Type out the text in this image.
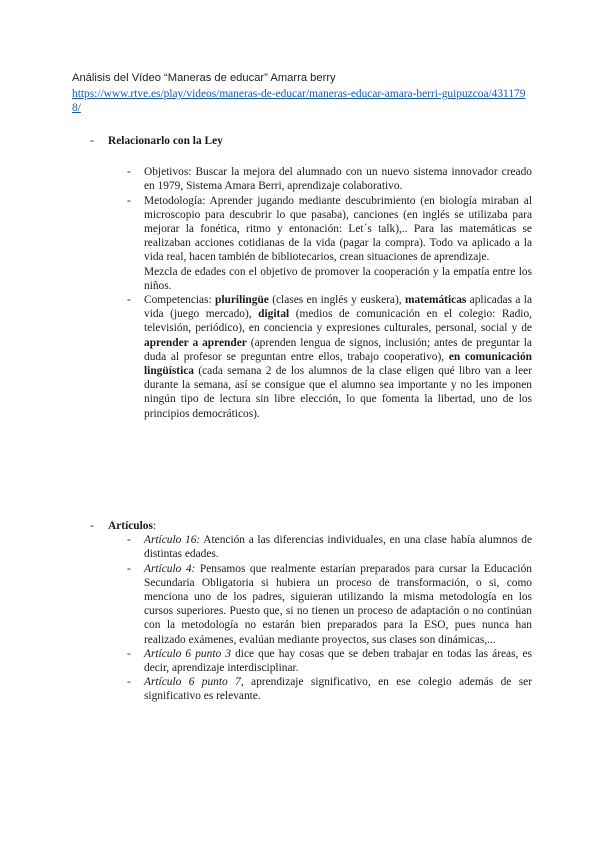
Análisis del Vídeo “Maneras de educar” Amarra berry
https://www.rtve.es/play/videos/maneras-de-educar/maneras-educar-amara-berri-guipuzcoa/4311798/
- Relacionarlo con la Ley
- Objetivos: Buscar la mejora del alumnado con un nuevo sistema innovador creado en 1979, Sistema Amara Berri, aprendizaje colaborativo.

- Metodología: Aprender jugando mediante descubrimiento (en biología miraban al microscopio para descubrir lo que pasaba), canciones (en inglés se utilizaba para mejorar la fonética, ritmo y entonación: Let´s talk),.. Para las matemáticas se realizaban acciones cotidianas de la vida (pagar la compra). Todo va aplicado a la vida real, hacen también de bibliotecarios, crean situaciones de aprendizaje.

Mezcla de edades con el objetivo de promover la cooperación y la empatía entre los niños.

- Competencias: plurilingüe (clases en inglés y euskera), matemáticas aplicadas a la vida (juego mercado), digital (medios de comunicación en el colegio: Radio, televisión, periódico), en conciencia y expresiones culturales, personal, social y de aprender a aprender (aprenden lengua de signos, inclusión; antes de preguntar la duda al profesor se preguntan entre ellos, trabajo cooperativo), en comunicación lingüística (cada semana 2 de los alumnos de la clase eligen qué libro van a leer durante la semana, así se consigue que el alumno sea importante y no les imponen ningún tipo de lectura sin libre elección, lo que fomenta la libertad, uno de los principios democráticos).

- Artículos:
- Artículo 16: Atención a las diferencias individuales, en una clase había alumnos de distintas edades.

- Artículo 4: Pensamos que realmente estarían preparados para cursar la Educación Secundaria Obligatoria si hubiera un proceso de transformación, o si, como menciona uno de los padres, siguieran utilizando la misma metodología en los cursos superiores. Puesto que, si no tienen un proceso de adaptación o no continúan con la metodología no estarán bien preparados para la ESO, pues nunca han realizado exámenes, evalúan mediante proyectos, sus clases son dinámicas,...

- Artículo 6 punto 3 dice que hay cosas que se deben trabajar en todas las áreas, es decir, aprendizaje interdisciplinar.

- Artículo 6 punto 7, aprendizaje significativo, en ese colegio además de ser significativo es relevante.
